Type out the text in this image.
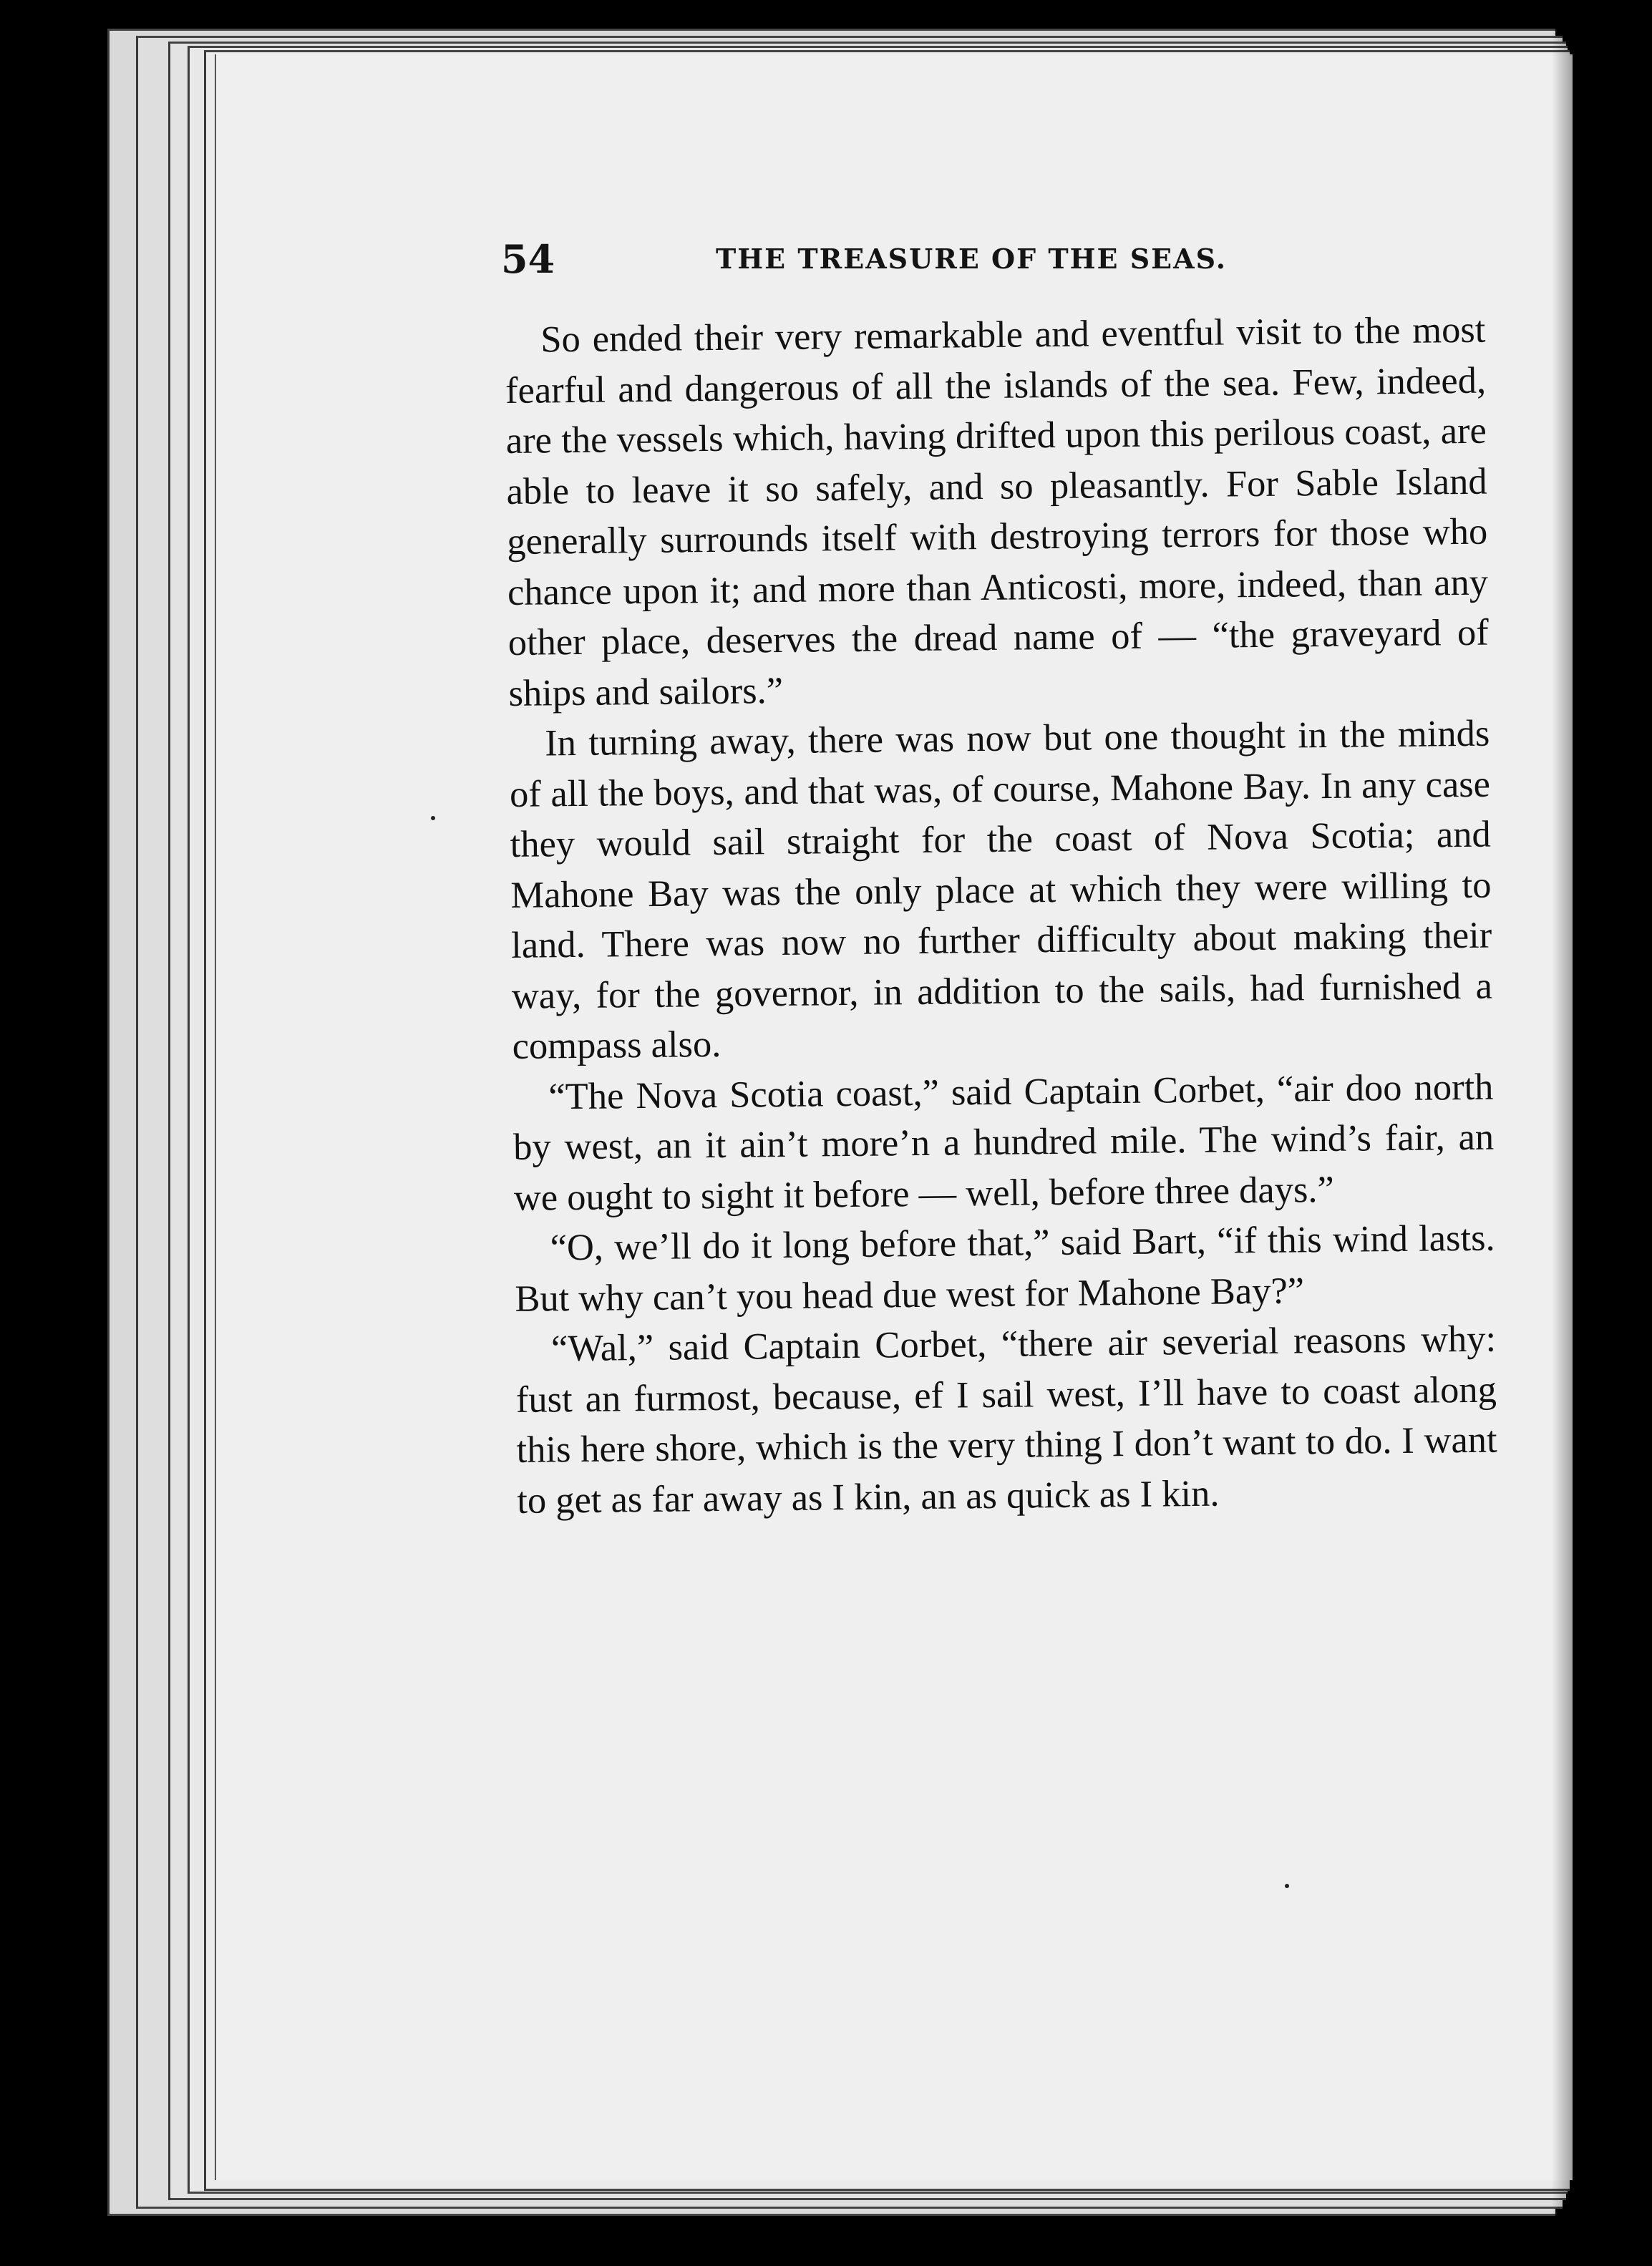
54	THE TREASURE OF THE SEAS.

So ended their very remarkable and eventful visit to the most fearful and dangerous of all the islands of the sea. Few, indeed, are the vessels which, having drifted upon this perilous coast, are able to leave it so safely, and so pleasantly. For Sable Island generally surrounds itself with destroying terrors for those who chance upon it; and more than Anticosti, more, indeed, than any other place, deserves the dread name of — “the graveyard of ships and sailors.”

In turning away, there was now but one thought in the minds of all the boys, and that was, of course, Mahone Bay. In any case they would sail straight for the coast of Nova Scotia; and Mahone Bay was the only place at which they were willing to land. There was now no further difficulty about making their way, for the governor, in addition to the sails, had furnished a compass also.

“The Nova Scotia coast,” said Captain Corbet, “air doo north by west, an it ain’t more’n a hundred mile. The wind’s fair, an we ought to sight it before — well, before three days.”

“O, we’ll do it long before that,” said Bart, “if this wind lasts. But why can’t you head due west for Mahone Bay?”

“Wal,” said Captain Corbet, “there air severial reasons why: fust an furmost, because, ef I sail west, I’ll have to coast along this here shore, which is the very thing I don’t want to do. I want to get as far away as I kin, an as quick as I kin.
